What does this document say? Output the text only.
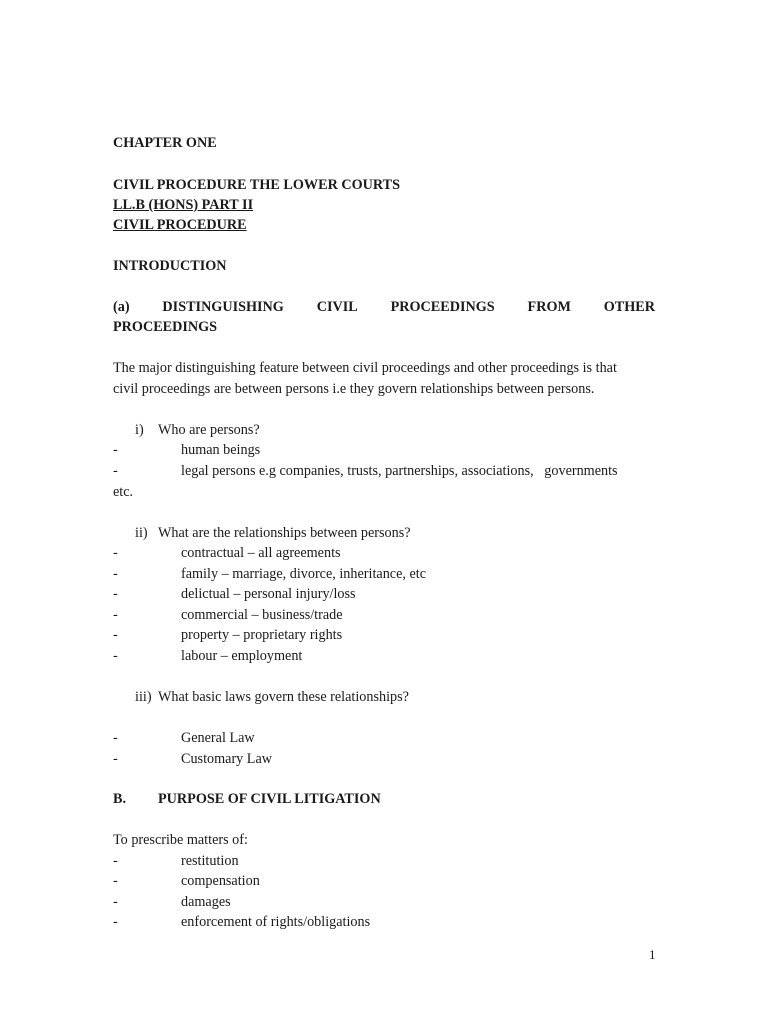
CHAPTER ONE
CIVIL PROCEDURE THE LOWER COURTS
LL.B (HONS) PART II
CIVIL PROCEDURE
INTRODUCTION
(a) DISTINGUISHING CIVIL PROCEEDINGS FROM OTHER
PROCEEDINGS
The major distinguishing feature between civil proceedings and other proceedings is that
civil proceedings are between persons i.e they govern relationships between persons.
i) Who are persons?
-	human beings
-	legal persons e.g companies, trusts, partnerships, associations,   governments
etc.
ii) What are the relationships between persons?
-	contractual – all agreements
-	family – marriage, divorce, inheritance, etc
-	delictual – personal injury/loss
-	commercial – business/trade
-	property – proprietary rights
-	labour – employment
iii) What basic laws govern these relationships?
-	General Law
-	Customary Law
B. PURPOSE OF CIVIL LITIGATION
To prescribe matters of:
-	restitution
-	compensation
-	damages
-	enforcement of rights/obligations
1
